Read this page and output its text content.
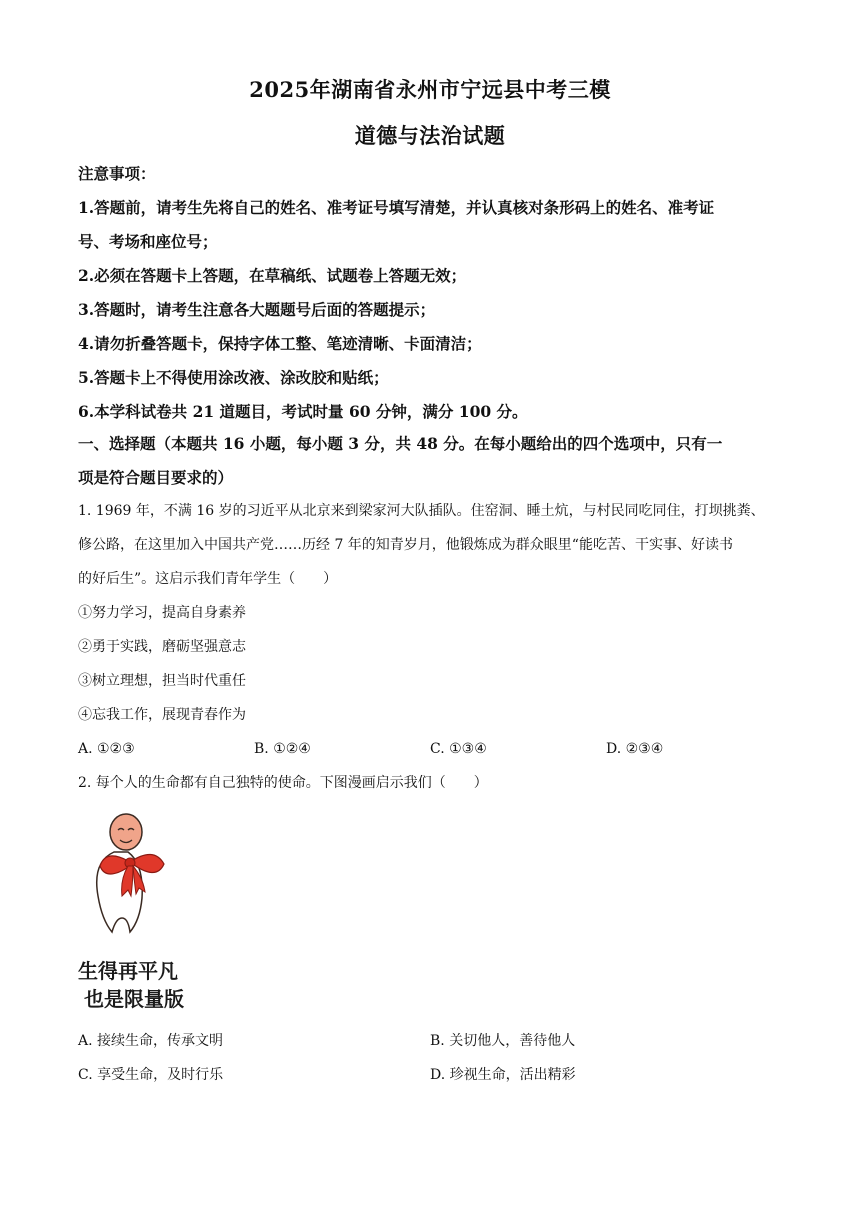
2025年湖南省永州市宁远县中考三模
道德与法治试题
注意事项：
1.答题前，请考生先将自己的姓名、准考证号填写清楚，并认真核对条形码上的姓名、准考证
号、考场和座位号；
2.必须在答题卡上答题，在草稿纸、试题卷上答题无效；
3.答题时，请考生注意各大题题号后面的答题提示；
4.请勿折叠答题卡，保持字体工整、笔迹清晰、卡面清洁；
5.答题卡上不得使用涂改液、涂改胶和贴纸；
6.本学科试卷共 21 道题目，考试时量 60 分钟，满分 100 分。
一、选择题（本题共 16 小题，每小题 3 分，共 48 分。在每小题给出的四个选项中，只有一
项是符合题目要求的）
1. 1969 年，不满 16 岁的习近平从北京来到梁家河大队插队。住窑洞、睡土炕，与村民同吃同住，打坝挑粪、
修公路，在这里加入中国共产党……历经 7 年的知青岁月，他锻炼成为群众眼里“能吃苦、干实事、好读书
的好后生”。这启示我们青年学生（　　）
①努力学习，提高自身素养
②勇于实践，磨砺坚强意志
③树立理想，担当时代重任
④忘我工作，展现青春作为
A. ①②③	B. ①②④	C. ①③④	D. ②③④
2. 每个人的生命都有自己独特的使命。下图漫画启示我们（　　）
生得再平凡
也是限量版
A. 接续生命，传承文明	B. 关切他人，善待他人
C. 享受生命，及时行乐	D. 珍视生命，活出精彩
